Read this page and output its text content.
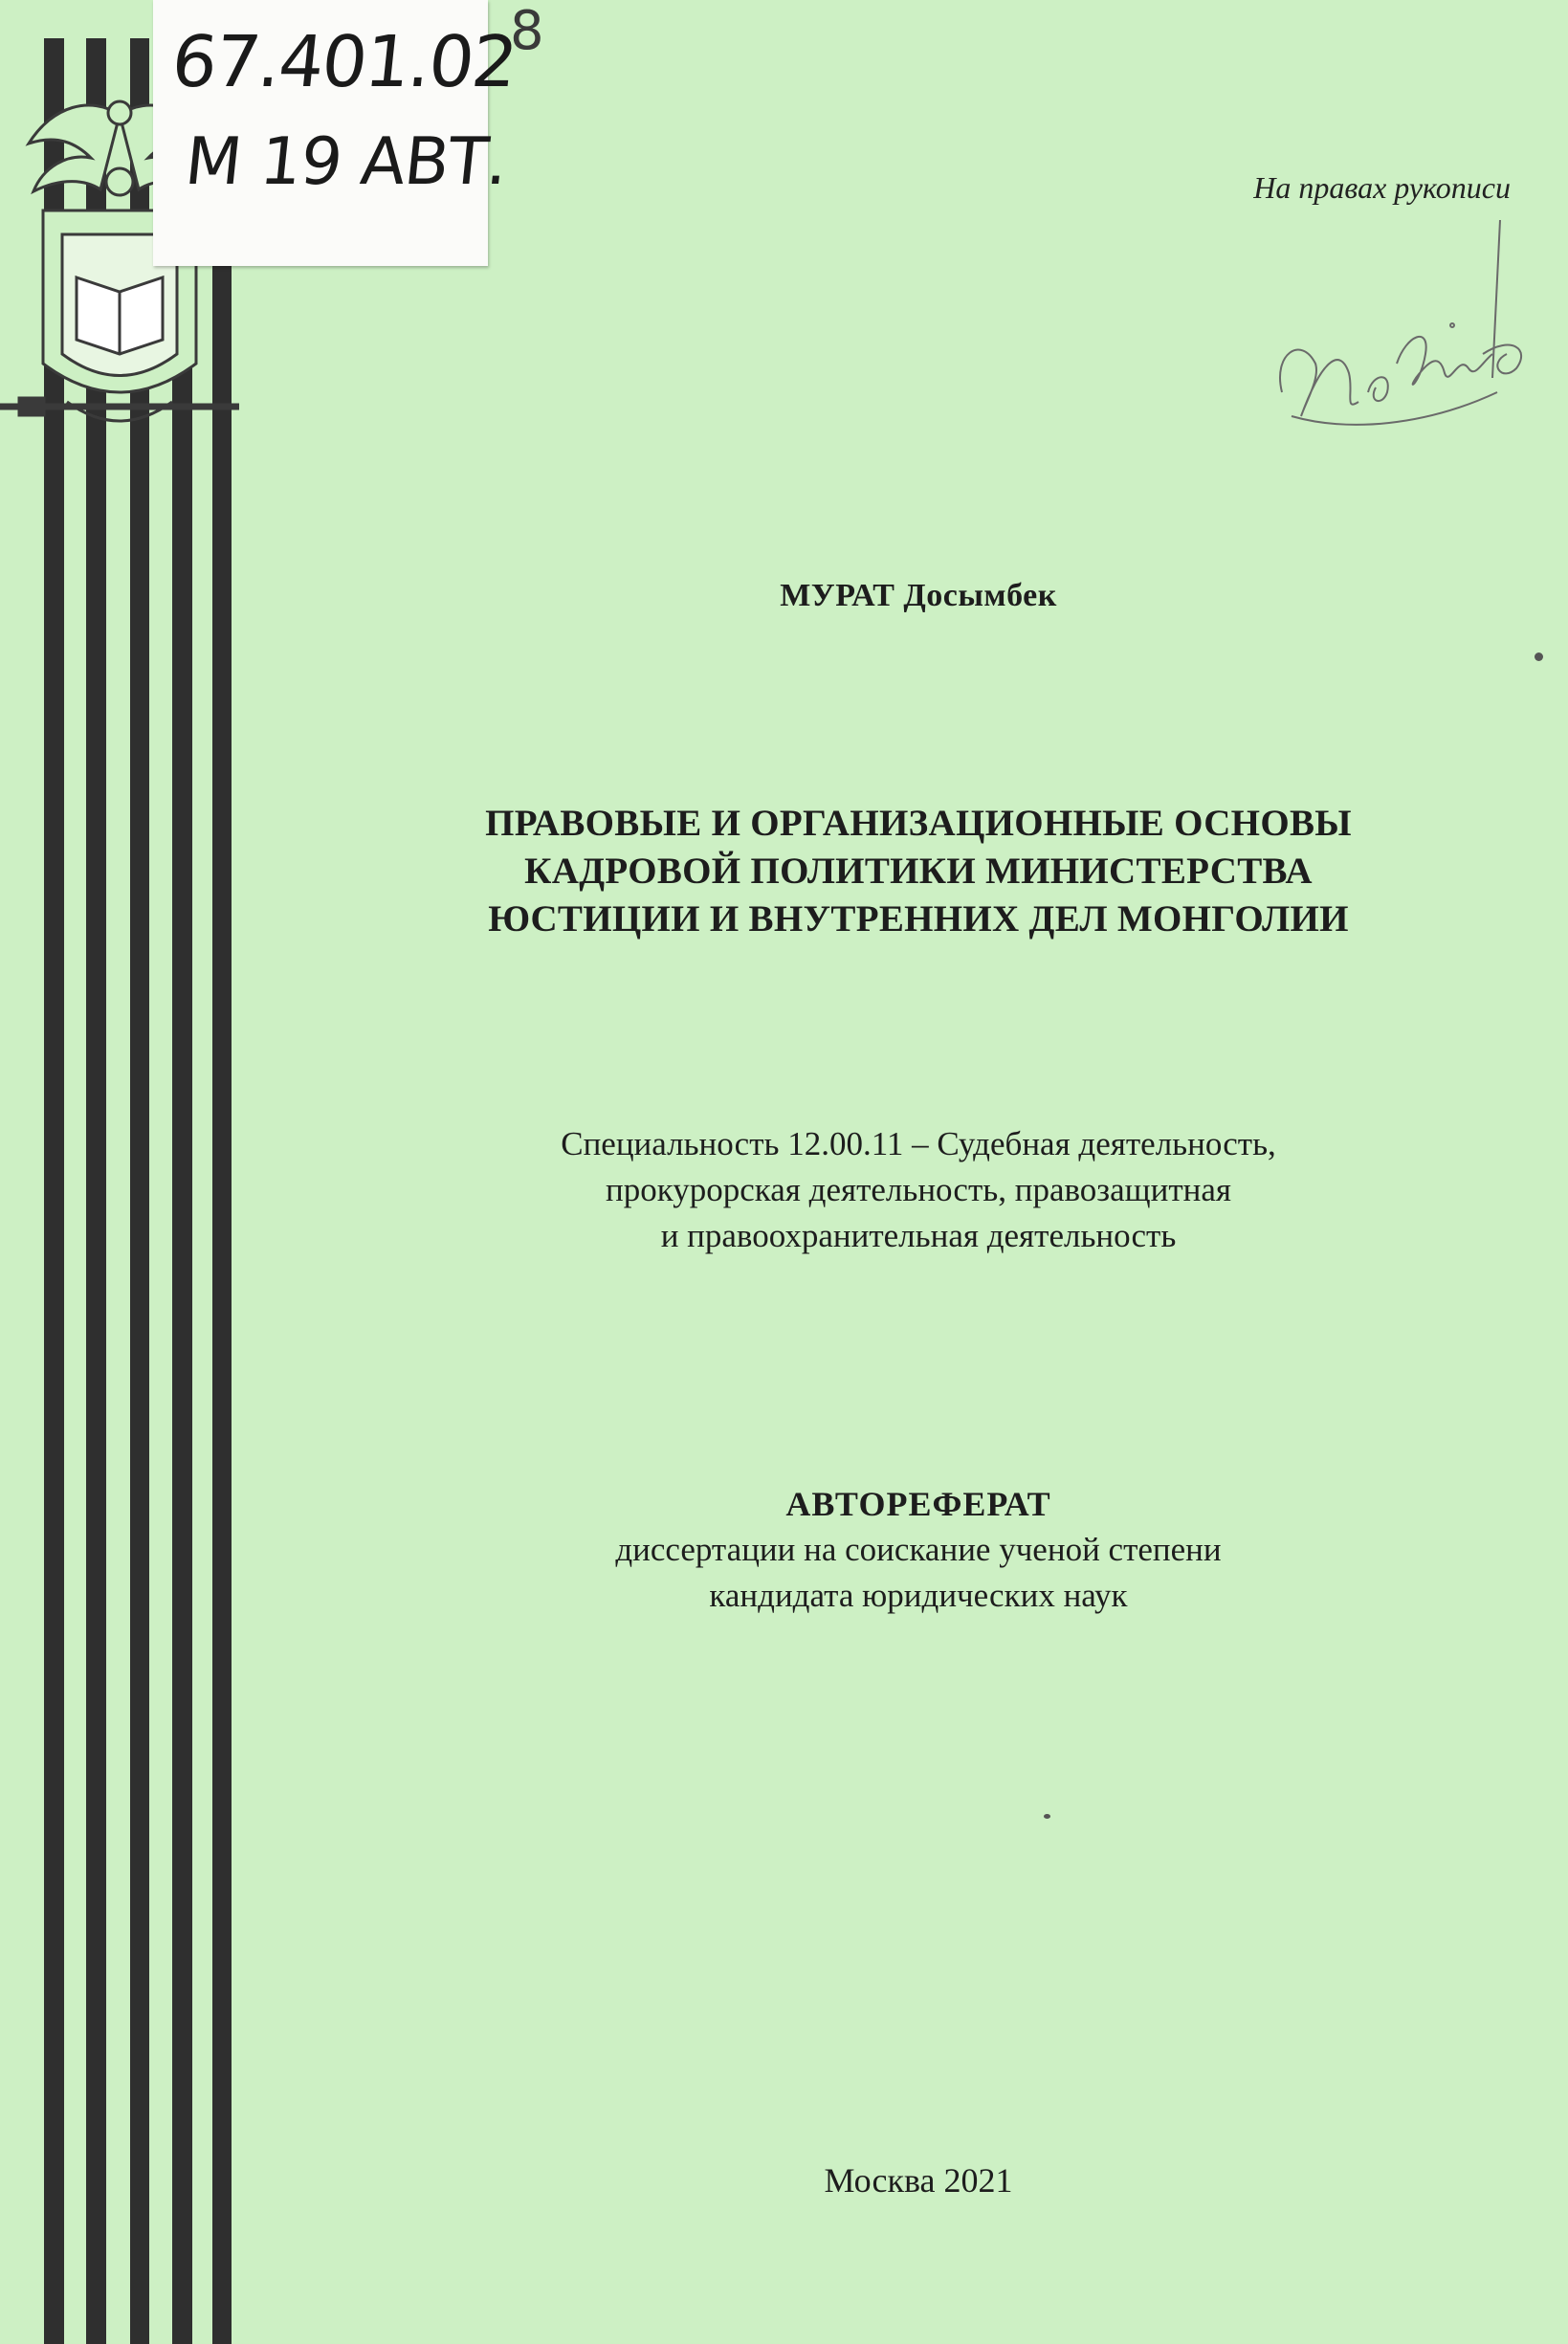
67.401.02
М 19 АВТ.
8
На правах рукописи
МУРАТ Досымбек
ПРАВОВЫЕ И ОРГАНИЗАЦИОННЫЕ ОСНОВЫ
КАДРОВОЙ ПОЛИТИКИ МИНИСТЕРСТВА
ЮСТИЦИИ И ВНУТРЕННИХ ДЕЛ МОНГОЛИИ
Специальность 12.00.11 – Судебная деятельность,
прокурорская деятельность, правозащитная
и правоохранительная деятельность
АВТОРЕФЕРАТ
диссертации на соискание ученой степени
кандидата юридических наук
Москва 2021
